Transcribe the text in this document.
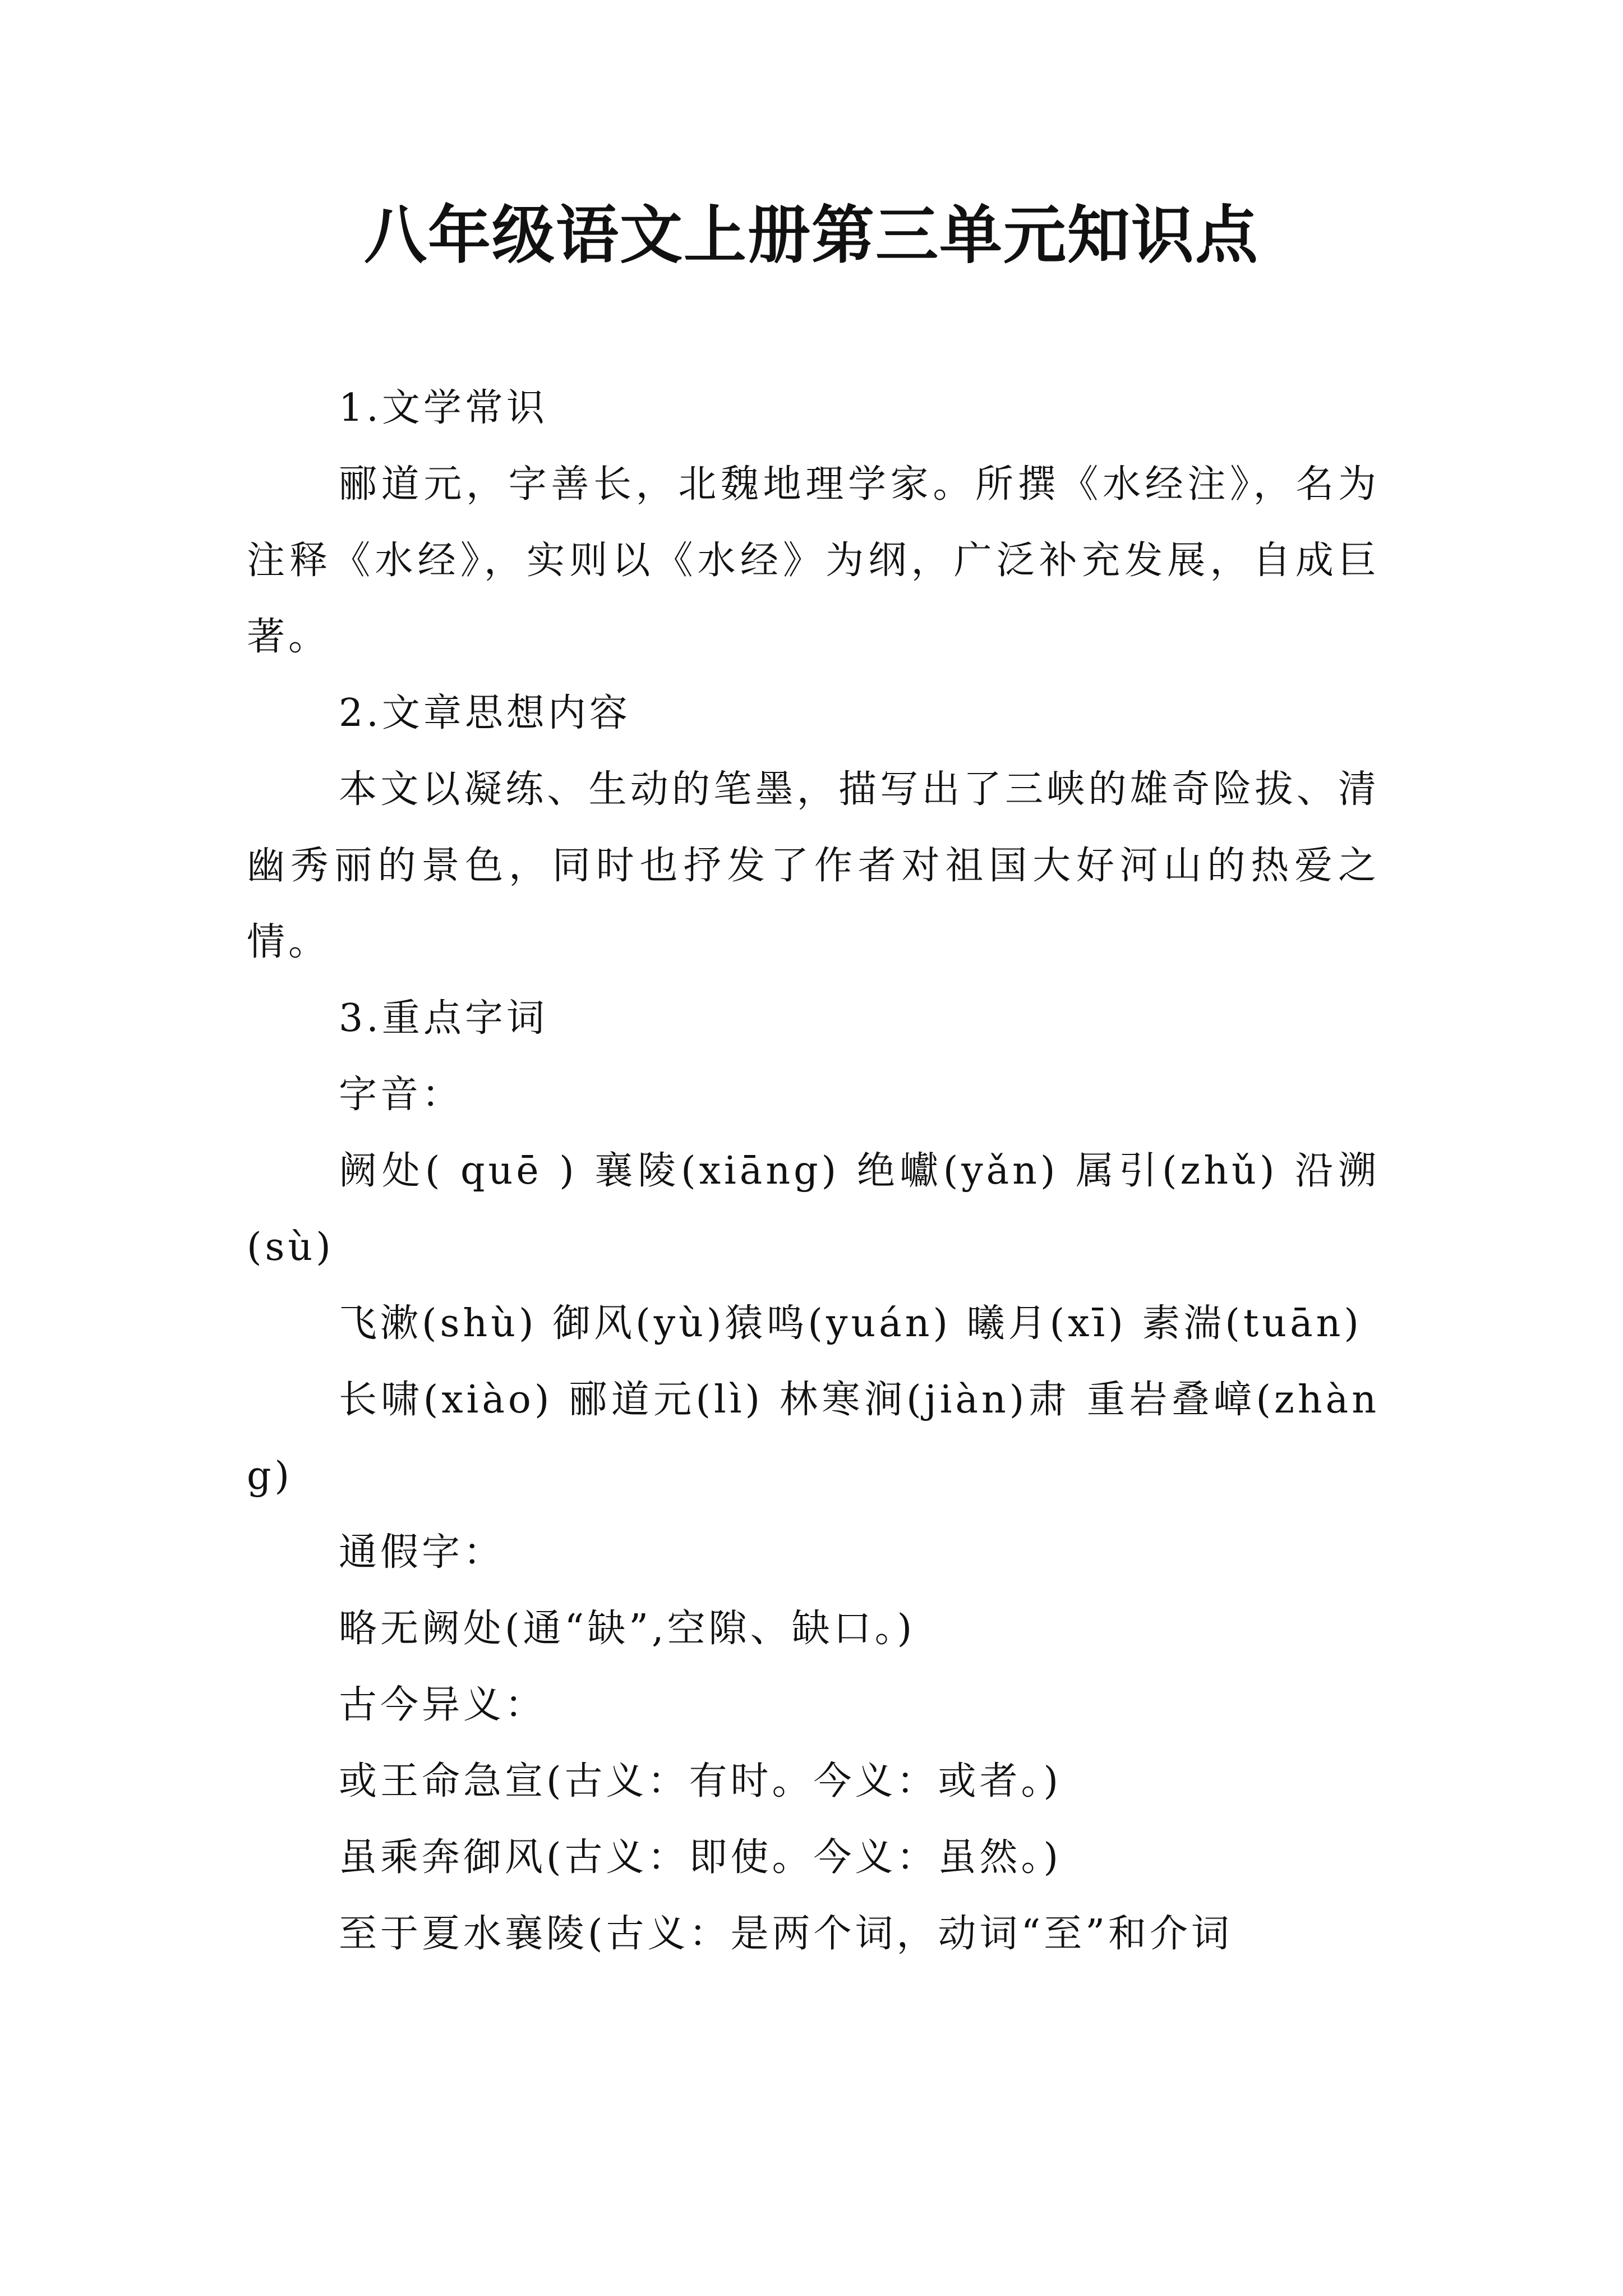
八年级语文上册第三单元知识点

1.文学常识

郦道元，字善长，北魏地理学家。所撰《水经注》，名为注释《水经》，实则以《水经》为纲，广泛补充发展，自成巨著。

2.文章思想内容

本文以凝练、生动的笔墨，描写出了三峡的雄奇险拔、清幽秀丽的景色，同时也抒发了作者对祖国大好河山的热爱之情。

3.重点字词

字音：

阙处( quē ) 襄陵(xiāng) 绝巘(yǎn) 属引(zhǔ) 沿溯(sù)

飞漱(shù) 御风(yù)猿鸣(yuán) 曦月(xī) 素湍(tuān)

长啸(xiào) 郦道元(lì) 林寒涧(jiàn)肃 重岩叠嶂(zhàng)

通假字：

略无阙处(通“缺”,空隙、缺口。)

古今异义：

或王命急宣(古义：有时。今义：或者。)

虽乘奔御风(古义：即使。今义：虽然。)

至于夏水襄陵(古义：是两个词，动词“至”和介词
